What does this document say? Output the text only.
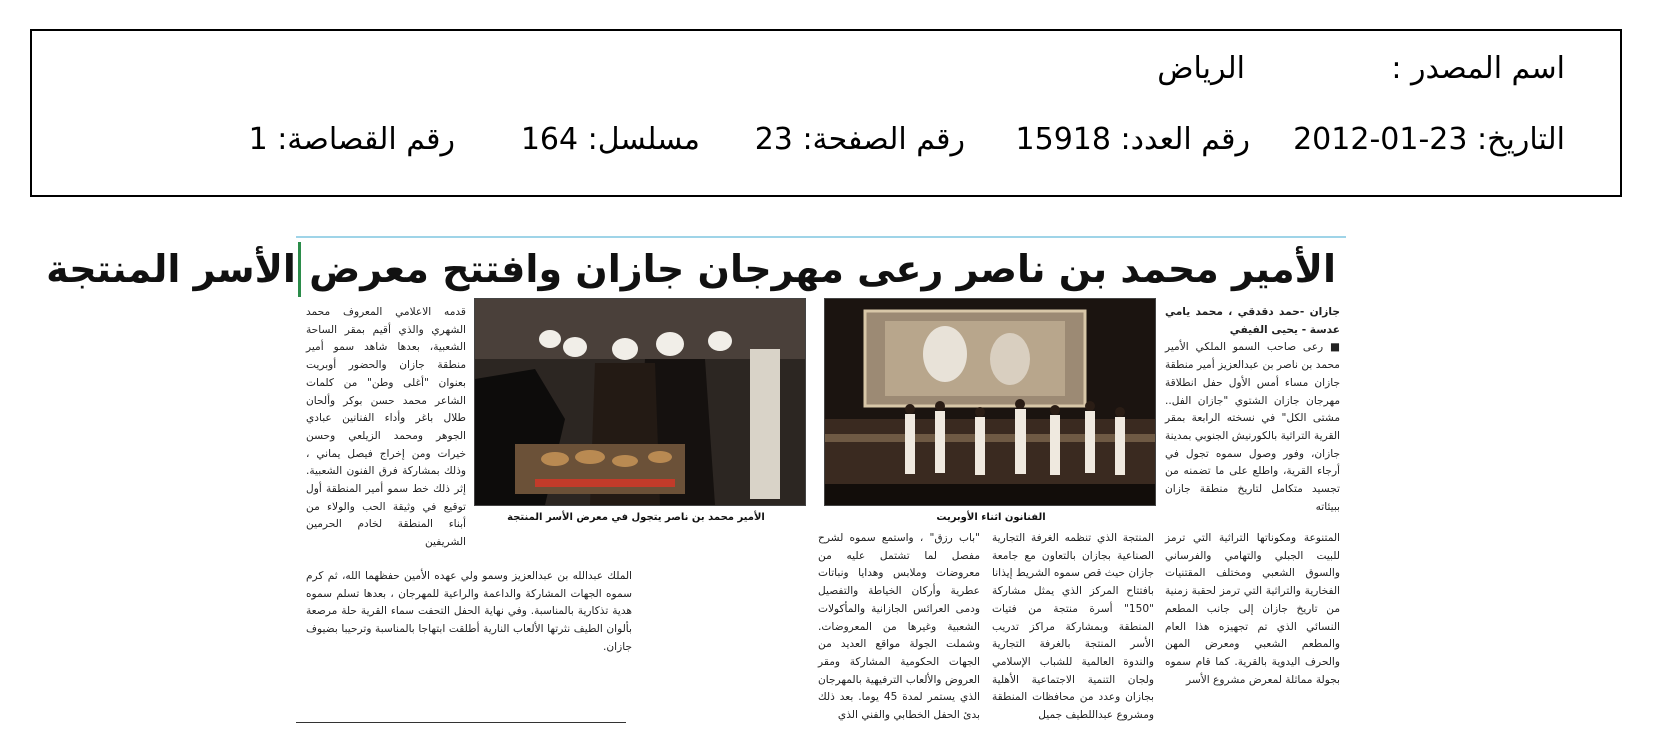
اسم المصدر :
الرياض
التاريخ: 23-01-2012
رقم العدد: 15918
رقم الصفحة: 23
مسلسل: 164
رقم القصاصة: 1
الأمير محمد بن ناصر رعى مهرجان جازان وافتتح معرض الأسر المنتجة
جازان -حمد دقدقي ، محمد يامي عدسة - يحيى الفيفي
■ رعى صاحب السمو الملكي الأمير محمد بن ناصر بن عبدالعزيز أمير منطقة جازان مساء أمس الأول حفل انطلاقة مهرجان جازان الشتوي "جازان الفل.. مشتى الكل" في نسخته الرابعة بمقر القرية التراثية بالكورنيش الجنوبي بمدينة جازان، وفور وصول سموه تجول في أرجاء القرية، واطلع على ما تضمنه من تجسيد متكامل لتاريخ منطقة جازان ببيئاته
الفنانون اثناء الأوبريت
الأمير محمد بن ناصر يتجول في معرض الأسر المنتجة
قدمه الاعلامي المعروف محمد الشهري والذي أقيم بمقر الساحة الشعبية، بعدها شاهد سمو أمير منطقة جازان والحضور أوبريت بعنوان "أغلى وطن" من كلمات الشاعر محمد حسن بوكر وألحان طلال باغر وأداء الفنانين عبادي الجوهر ومحمد الزيلعي وحسن خيرات ومن إخراج فيصل يماني ، وذلك بمشاركة فرق الفنون الشعبية. إثر ذلك خط سمو أمير المنطقة أول توقيع في وثيقة الحب والولاء من أبناء المنطقة لخادم الحرمين الشريفين	المتنوعة ومكوناتها التراثية التي ترمز للبيت الجبلي والتهامي والفرساني والسوق الشعبي ومختلف المقتنيات الفخارية والتراثية التي ترمز لحقبة زمنية من تاريخ جازان إلى جانب المطعم النسائي الذي تم تجهيزه هذا العام والمطعم الشعبي ومعرض المهن والحرف اليدوية بالقرية. كما قام سموه بجولة مماثلة لمعرض مشروع الأسر
المنتجة الذي تنظمه الغرفة التجارية الصناعية بجازان بالتعاون مع جامعة جازان حيث قص سموه الشريط إيذانا بافتتاح المركز الذي يمثل مشاركة "150" أسرة منتجة من فتيات المنطقة وبمشاركة مراكز تدريب الأسر المنتجة بالغرفة التجارية والندوة العالمية للشباب الإسلامي ولجان التنمية الاجتماعية الأهلية بجازان وعدد من محافظات المنطقة ومشروع عبداللطيف جميل
"باب رزق" ، واستمع سموه لشرح مفصل لما تشتمل عليه من معروضات وملابس وهدايا ونباتات عطرية وأركان الخياطة والتفصيل ودمى العرائس الجازانية والمأكولات الشعبية وغيرها من المعروضات. وشملت الجولة مواقع العديد من الجهات الحكومية المشاركة ومقر العروض والألعاب الترفيهية بالمهرجان الذي يستمر لمدة 45 يوما. بعد ذلك بدئ الحفل الخطابي والفني الذي
الملك عبدالله بن عبدالعزيز وسمو ولي عهده الأمين حفظهما الله، ثم كرم سموه الجهات المشاركة والداعمة والراعية للمهرجان ، بعدها تسلم سموه هدية تذكارية بالمناسبة. وفي نهاية الحفل التحفت سماء القرية حلة مرصعة بألوان الطيف نثرتها الألعاب النارية أطلقت ابتهاجا بالمناسبة وترحيبا بضيوف جازان.
